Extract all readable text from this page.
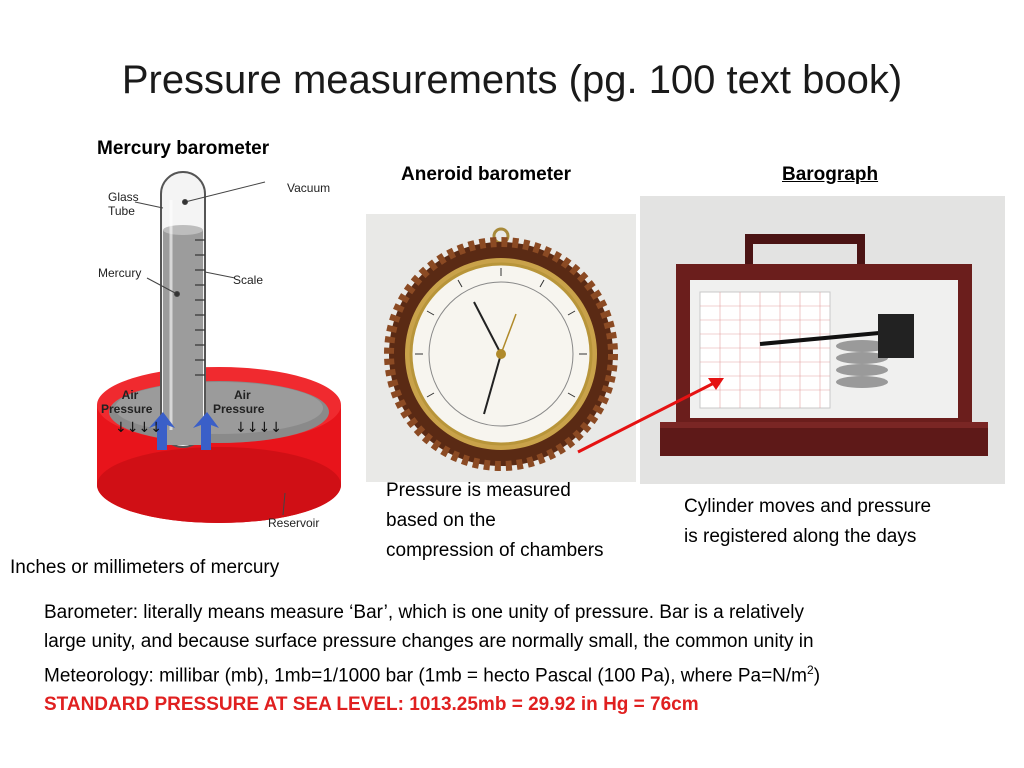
Pressure measurements (pg. 100 text book)
Mercury barometer
Aneroid barometer	Barograph
↓↓↓↓	↓↓↓↓
Glass
Tube
Vacuum
Mercury	Scale
Air
Pressure
Air
Pressure
Reservoir
Inches or millimeters of mercury
Pressure is measured
based on the
compression of chambers
Cylinder moves and pressure
is registered along the days
Barometer: literally means measure ‘Bar’, which is one unity of pressure. Bar is a relatively
large unity, and because surface pressure changes are normally small, the common unity in
Meteorology: millibar (mb), 1mb=1/1000 bar (1mb = hecto Pascal (100 Pa), where $Pa=N/m^2$)
STANDARD PRESSURE AT SEA LEVEL: 1013.25mb = 29.92 in Hg = 76cm
